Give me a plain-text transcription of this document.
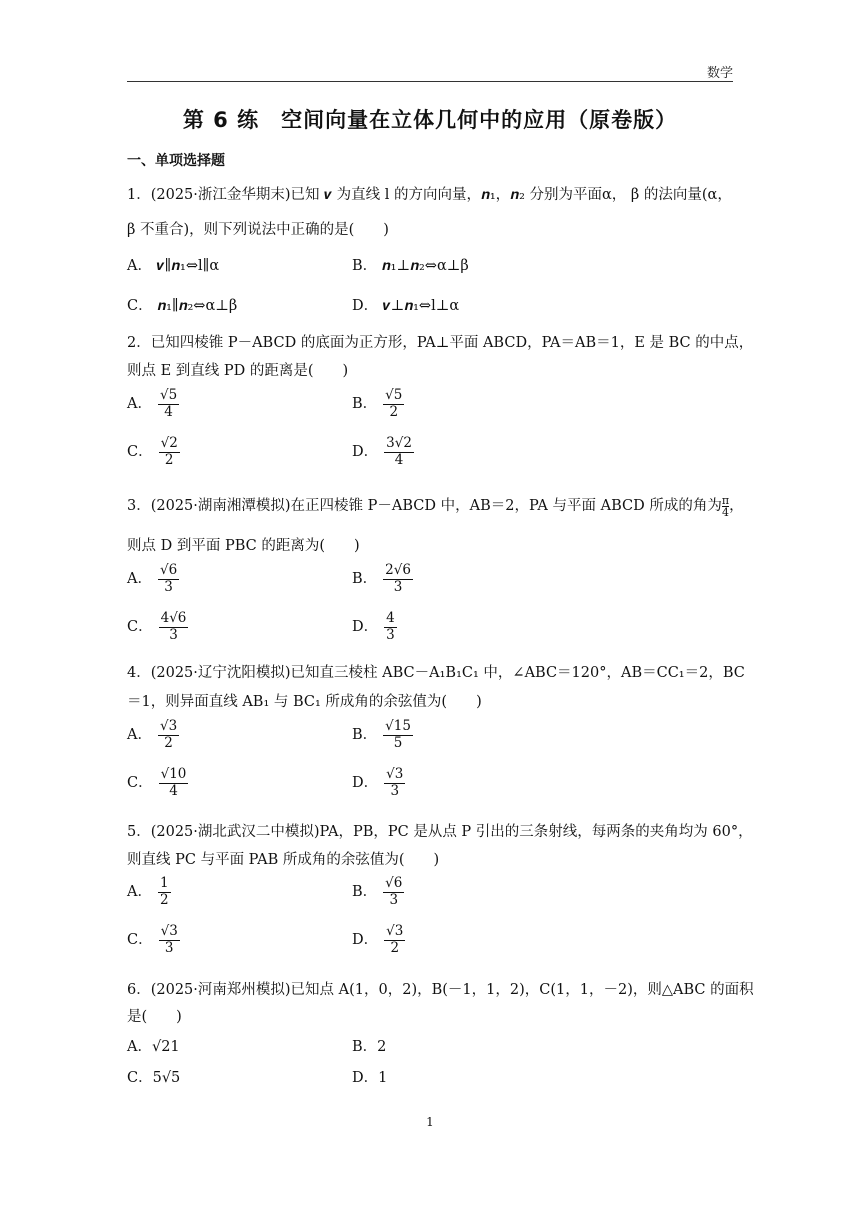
数学
第 6 练　空间向量在立体几何中的应用（原卷版）
一、单项选择题
1．(2025·浙江金华期末)已知 𝒗 为直线 l 的方向向量，𝒏₁，𝒏₂ 分别为平面α， β 的法向量(α，
β 不重合)，则下列说法中正确的是(　　)
A． 𝒗∥𝒏₁⇔l∥α	B． 𝒏₁⊥𝒏₂⇔α⊥β
C． 𝒏₁∥𝒏₂⇔α⊥β	D． 𝒗⊥𝒏₁⇔l⊥α
2．已知四棱锥 P－ABCD 的底面为正方形，PA⊥平面 ABCD，PA＝AB＝1，E 是 BC 的中点，
则点 E 到直线 PD 的距离是(　　)
A． $\frac{√5}{4}$	B． $\frac{√5}{2}$
C． $\frac{√2}{2}$	D． $\frac{3√2}{4}$
3．(2025·湖南湘潭模拟)在正四棱锥 P－ABCD 中，AB＝2，PA 与平面 ABCD 所成的角为 $\frac{\pi}{4}$ ，
则点 D 到平面 PBC 的距离为(　　)
A． $\frac{√6}{3}$	B． $\frac{2√6}{3}$
C． $\frac{4√6}{3}$	D． $\frac{4}{3}$
4．(2025·辽宁沈阳模拟)已知直三棱柱 ABC－A₁B₁C₁ 中，∠ABC＝120°，AB＝CC₁＝2，BC
＝1，则异面直线 AB₁ 与 BC₁ 所成角的余弦值为(　　)
A． $\frac{√3}{2}$	B． $\frac{√15}{5}$
C． $\frac{√10}{4}$	D． $\frac{√3}{3}$
5．(2025·湖北武汉二中模拟)PA，PB，PC 是从点 P 引出的三条射线，每两条的夹角均为 60°，
则直线 PC 与平面 PAB 所成角的余弦值为(　　)
A． $\frac{1}{2}$	B． $\frac{√6}{3}$
C． $\frac{√3}{3}$	D． $\frac{√3}{2}$
6．(2025·河南郑州模拟)已知点 A(1，0，2)，B(－1，1，2)，C(1，1，－2)，则△ABC 的面积
是(　　)
A．√21	B．2
C．5√5	D．1
1
